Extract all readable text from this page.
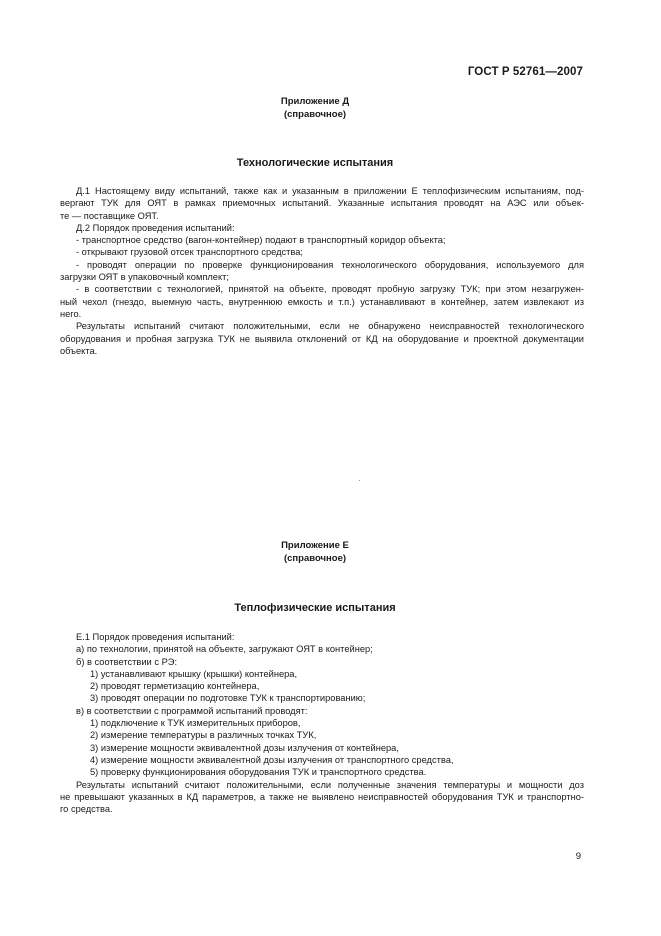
ГОСТ Р 52761—2007
Приложение Д
(справочное)
Технологические испытания

Д.1 Настоящему виду испытаний, также как и указанным в приложении Е теплофизическим испытаниям, под-

вергают ТУК для ОЯТ в рамках приемочных испытаний. Указанные испытания проводят на АЭС или объек-

те — поставщике ОЯТ.

Д.2 Порядок проведения испытаний:

- транспортное средство (вагон-контейнер) подают в транспортный коридор объекта;

- открывают грузовой отсек транспортного средства;

- проводят операции по проверке функционирования технологического оборудования, используемого для

загрузки ОЯТ в упаковочный комплект;

- в соответствии с технологией, принятой на объекте, проводят пробную загрузку ТУК; при этом незагружен-

ный чехол (гнездо, выемную часть, внутреннюю емкость и т.п.) устанавливают в контейнер, затем извлекают из

него.

Результаты испытаний считают положительными, если не обнаружено неисправностей технологического

оборудования и пробная загрузка ТУК не выявила отклонений от КД на оборудование и проектной документации

объекта.

Приложение Е
(справочное)
Теплофизические испытания

Е.1 Порядок проведения испытаний:

а) по технологии, принятой на объекте, загружают ОЯТ в контейнер;

б) в соответствии с РЭ:

1) устанавливают крышку (крышки) контейнера,

2) проводят герметизацию контейнера,

3) проводят операции по подготовке ТУК к транспортированию;

в) в соответствии с программой испытаний проводят:

1) подключение к ТУК измерительных приборов,

2) измерение температуры в различных точках ТУК,

3) измерение мощности эквивалентной дозы излучения от контейнера,

4) измерение мощности эквивалентной дозы излучения от транспортного средства,

5) проверку функционирования оборудования ТУК и транспортного средства.

Результаты испытаний считают положительными, если полученные значения температуры и мощности доз

не превышают указанных в КД параметров, а также не выявлено неисправностей оборудования ТУК и транспортно-

го средства.

9
